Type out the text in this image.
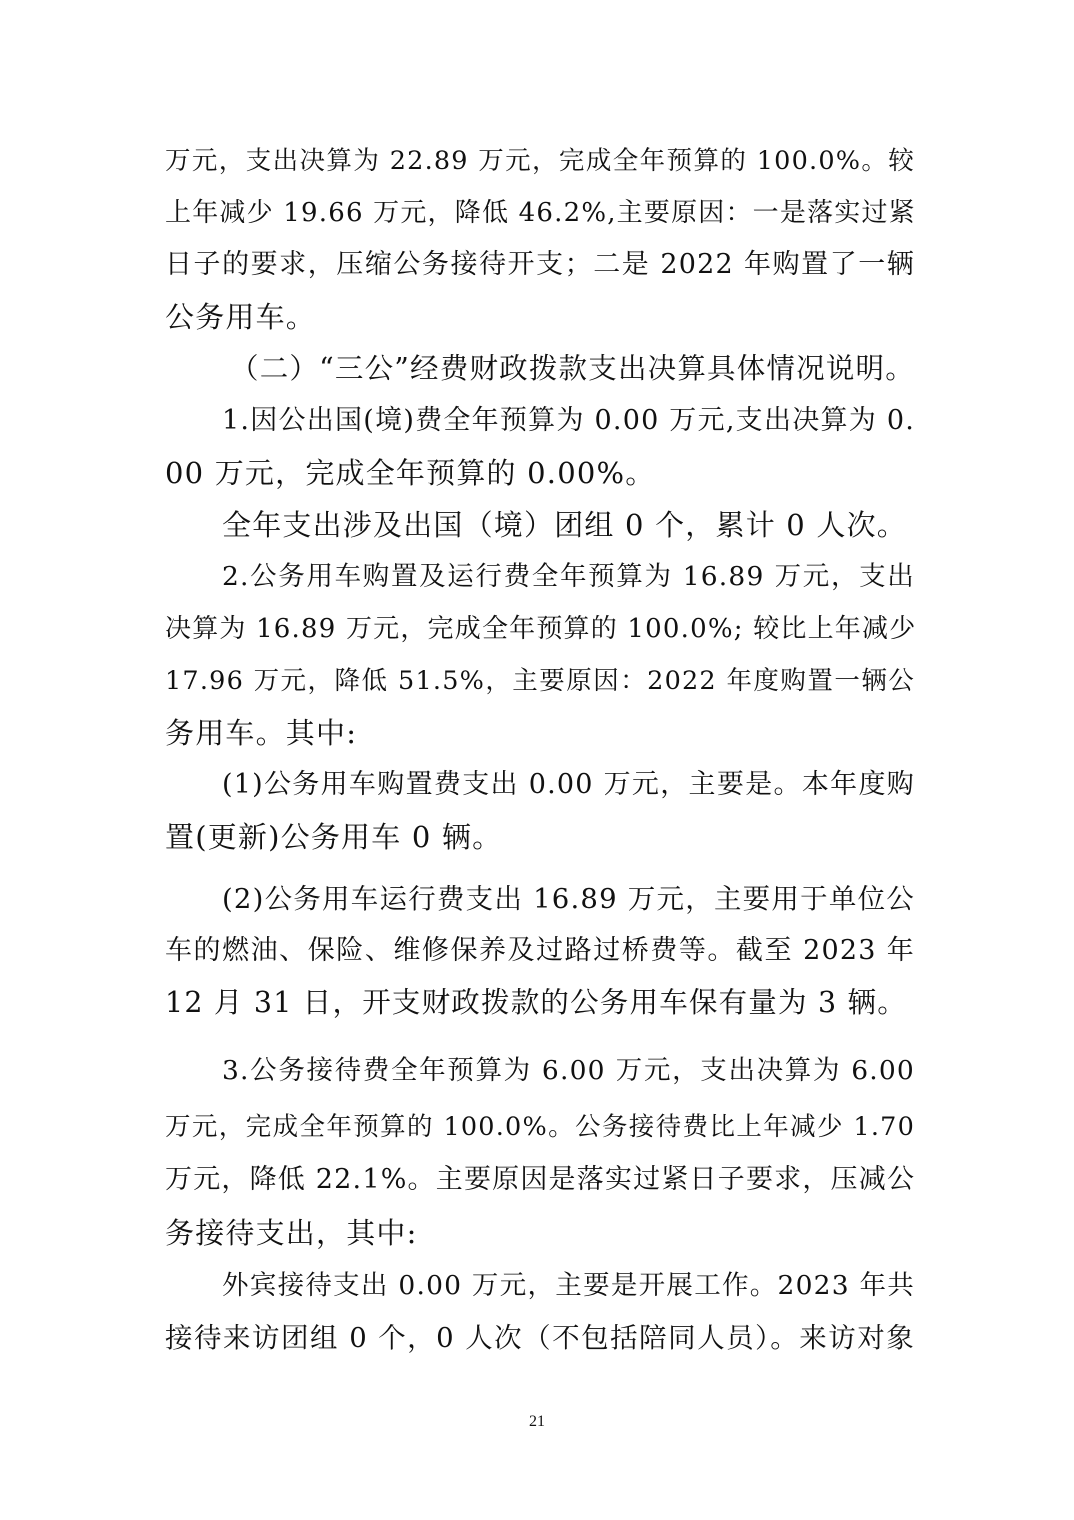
万元，支出决算为 22.89 万元，完成全年预算的 100.0%。较
上年减少 19.66 万元，降低 46.2%,主要原因：一是落实过紧
日子的要求，压缩公务接待开支；二是 2022 年购置了一辆
公务用车。
（二）“三公”经费财政拨款支出决算具体情况说明。
1.因公出国(境)费全年预算为 0.00 万元,支出决算为 0.
00 万元，完成全年预算的 0.00%。
全年支出涉及出国（境）团组 0 个，累计 0 人次。
2.公务用车购置及运行费全年预算为 16.89 万元，支出
决算为 16.89 万元，完成全年预算的 100.0%; 较比上年减少
17.96 万元，降低 51.5%，主要原因：2022 年度购置一辆公
务用车。其中:
(1)公务用车购置费支出 0.00 万元，主要是。本年度购
置(更新)公务用车 0 辆。
(2)公务用车运行费支出 16.89 万元，主要用于单位公
车的燃油、保险、维修保养及过路过桥费等。截至 2023 年
12 月 31 日，开支财政拨款的公务用车保有量为 3 辆。
3.公务接待费全年预算为 6.00 万元，支出决算为 6.00
万元，完成全年预算的 100.0%。公务接待费比上年减少 1.70
万元，降低 22.1%。主要原因是落实过紧日子要求，压减公
务接待支出，其中:
外宾接待支出 0.00 万元，主要是开展工作。2023 年共
接待来访团组 0 个，0 人次（不包括陪同人员）。来访对象
21
